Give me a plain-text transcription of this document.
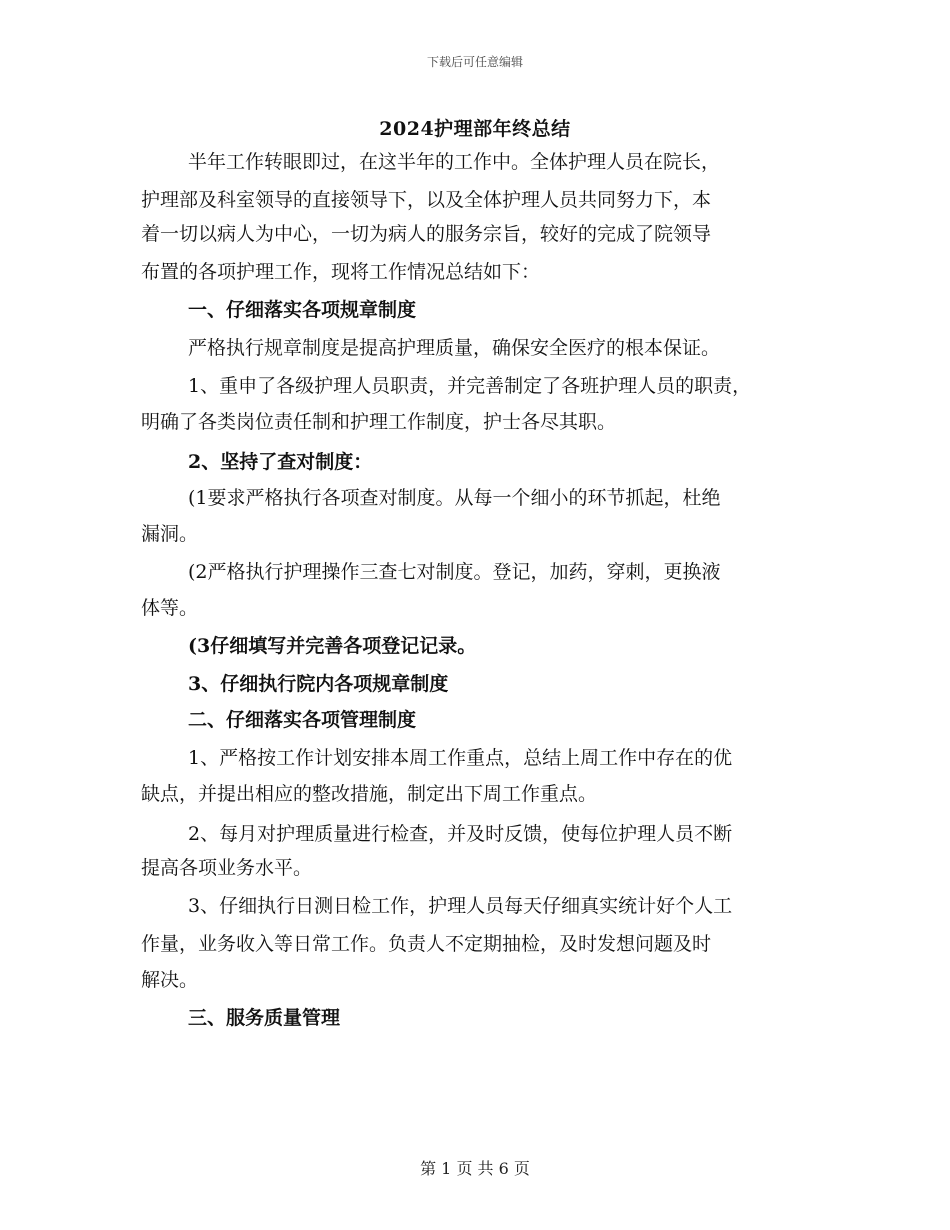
下载后可任意编辑
2024护理部年终总结
半年工作转眼即过，在这半年的工作中。全体护理人员在院长，
护理部及科室领导的直接领导下，以及全体护理人员共同努力下，本
着一切以病人为中心，一切为病人的服务宗旨，较好的完成了院领导
布置的各项护理工作，现将工作情况总结如下：
一、仔细落实各项规章制度
严格执行规章制度是提高护理质量，确保安全医疗的根本保证。
1、重申了各级护理人员职责，并完善制定了各班护理人员的职责，
明确了各类岗位责任制和护理工作制度，护士各尽其职。
2、坚持了查对制度：
(1要求严格执行各项查对制度。从每一个细小的环节抓起，杜绝
漏洞。
(2严格执行护理操作三查七对制度。登记，加药，穿刺，更换液
体等。
(3仔细填写并完善各项登记记录。
3、仔细执行院内各项规章制度
二、仔细落实各项管理制度
1、严格按工作计划安排本周工作重点，总结上周工作中存在的优
缺点，并提出相应的整改措施，制定出下周工作重点。
2、每月对护理质量进行检查，并及时反馈，使每位护理人员不断
提高各项业务水平。
3、仔细执行日测日检工作，护理人员每天仔细真实统计好个人工
作量，业务收入等日常工作。负责人不定期抽检，及时发想问题及时
解决。
三、服务质量管理
第 1 页 共 6 页
